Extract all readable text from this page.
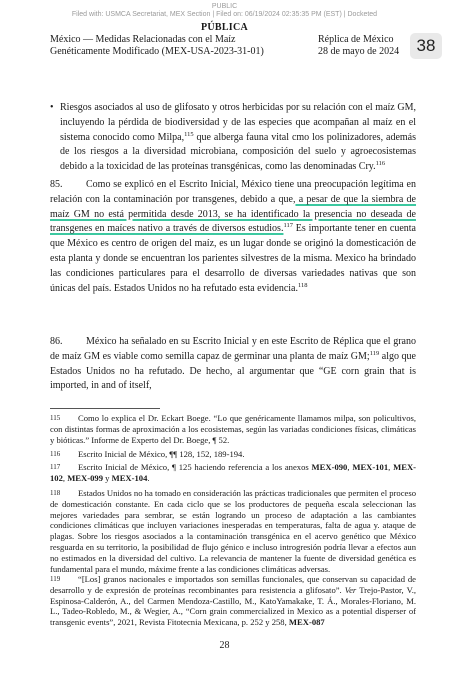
PUBLIC
Filed with: USMCA Secretariat, MEX Section | Filed on: 06/19/2024 02:35:35 PM (EST) | Docketed
PÚBLICA
México — Medidas Relacionadas con el Maíz
Genéticamente Modificado (MEX-USA-2023-31-01)
Réplica de México
28 de mayo de 2024	38
• Riesgos asociados al uso de glifosato y otros herbicidas por su relación con el maíz GM, incluyendo la pérdida de biodiversidad y de las especies que acompañan al maíz en el sistema conocido como Milpa,$^{115}$ que alberga fauna vital cmo los polinizadores, además de los riesgos a la diversidad microbiana, composición del suelo y agroecosistemas debido a la toxicidad de las proteínas transgénicas, como las denominadas Cry.$^{116}$
85. Como se explicó en el Escrito Inicial, México tiene una preocupación legítima en relación con la contaminación por transgenes, debido a que, a pesar de que la siembra de maíz GM no está permitida desde 2013, se ha identificado la presencia no deseada de transgenes en maíces nativo a través de diversos estudios.$^{117}$ Es importante tener en cuenta que México es centro de origen del maíz, es un lugar donde se originó la domesticación de esta planta y donde se encuentran los parientes silvestres de la misma. Mexico ha brindado las condiciones particulares para el desarrollo de diversas variedades nativas que son únicas del país. Estados Unidos no ha refutado esta evidencia.$^{118}$
86. México ha señalado en su Escrito Inicial y en este Escrito de Réplica que el grano de maíz GM es viable como semilla capaz de germinar una planta de maíz GM;$^{119}$ algo que Estados Unidos no ha refutado. De hecho, al argumentar que “GE corn grain that is imported, in and of itself,
115	Como lo explica el Dr. Eckart Boege. “Lo que genéricamente llamamos milpa, son policultivos, con distintas formas de aproximación a los ecosistemas, según las variadas condiciones físicas, climáticas y bióticas.” Informe de Experto del Dr. Boege, ¶ 52.
116	Escrito Inicial de México, ¶¶ 128, 152, 189-194.
117	Escrito Inicial de México, ¶ 125 haciendo referencia a los anexos MEX-090, MEX-101, MEX-102, MEX-099 y MEX-104.
118	Estados Unidos no ha tomado en consideración las prácticas tradicionales que permiten el proceso de domesticación constante. En cada ciclo que se los productores de pequeña escala seleccionan las mejores variedades para sembrar, se están logrando un proceso de adaptación a las cambiantes condiciones climáticas que incluyen variaciones inesperadas en temperaturas, falta de agua y. ataque de plagas. Sobre los riesgos asociados a la contaminación transgénica en el acervo genético que México resguarda en su territorio, la posibilidad de flujo génico e incluso introgresión podría llevar a efectos aun no estimados en la diversidad del cultivo. La relevancia de mantener la fuente de diversidad genética es fundamental para el mundo, máxime frente a las condiciones climáticas adversas.
119	“[Los] granos nacionales e importados son semillas funcionales, que conservan su capacidad de desarrollo y de expresión de proteínas recombinantes para resistencia a glifosato”. Ver Trejo-Pastor, V., Espinosa-Calderón, A., del Carmen Mendoza-Castillo, M., KatoYamakake, T. Á., Morales-Floriano, M. L., Tadeo-Robledo, M., & Wegier, A., “Corn grain commercialized in Mexico as a potential disperser of transgenic events”, 2021, Revista Fitotecnia Mexicana, p. 252 y 258, MEX-087
28
